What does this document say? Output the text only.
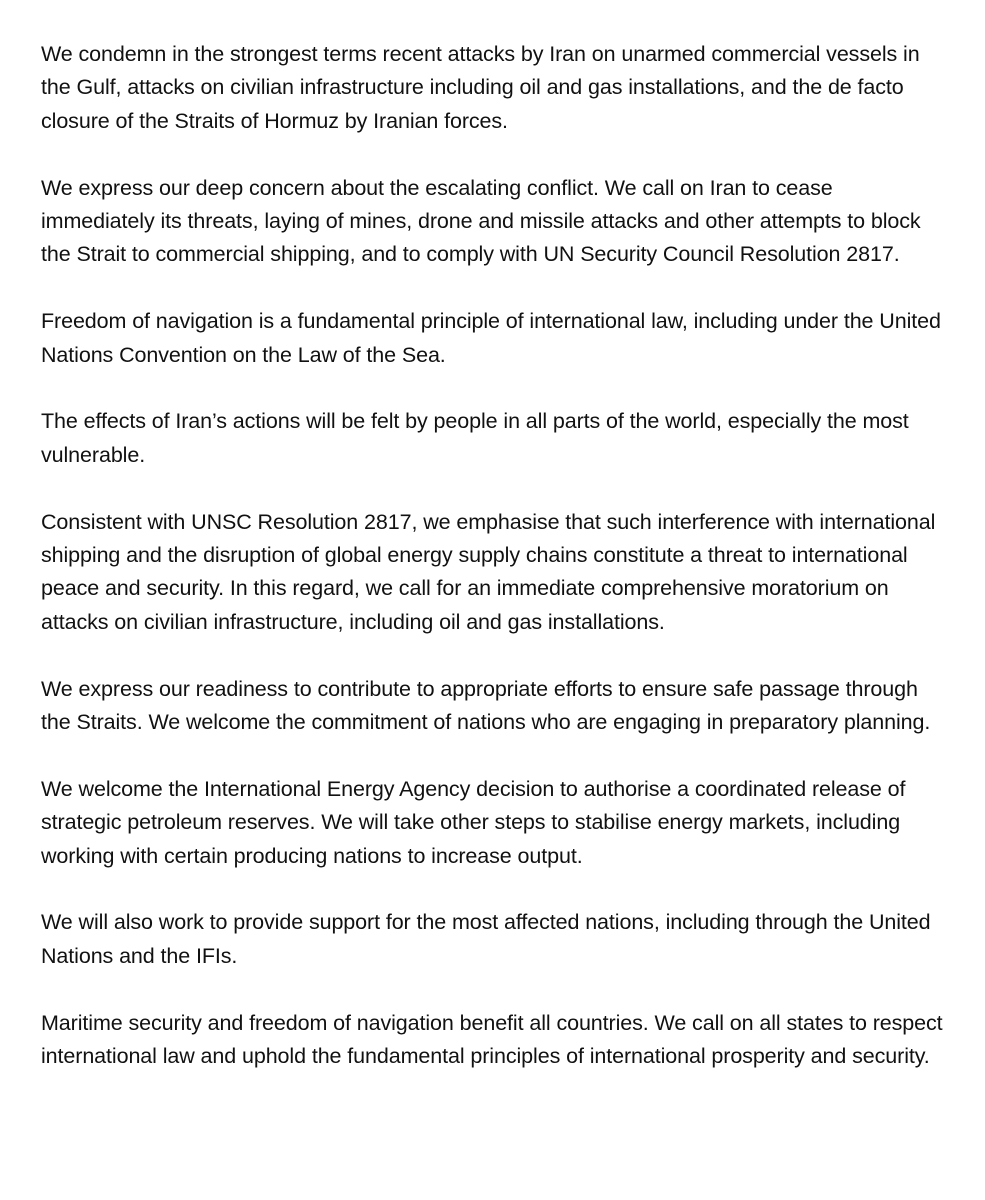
We condemn in the strongest terms recent attacks by Iran on unarmed commercial vessels in the Gulf, attacks on civilian infrastructure including oil and gas installations, and the de facto closure of the Straits of Hormuz by Iranian forces.

We express our deep concern about the escalating conflict. We call on Iran to cease immediately its threats, laying of mines, drone and missile attacks and other attempts to block the Strait to commercial shipping, and to comply with UN Security Council Resolution 2817.

Freedom of navigation is a fundamental principle of international law, including under the United Nations Convention on the Law of the Sea.

The effects of Iran’s actions will be felt by people in all parts of the world, especially the most vulnerable.

Consistent with UNSC Resolution 2817, we emphasise that such interference with international shipping and the disruption of global energy supply chains constitute a threat to international peace and security. In this regard, we call for an immediate comprehensive moratorium on attacks on civilian infrastructure, including oil and gas installations.

We express our readiness to contribute to appropriate efforts to ensure safe passage through the Straits. We welcome the commitment of nations who are engaging in preparatory planning.

We welcome the International Energy Agency decision to authorise a coordinated release of strategic petroleum reserves. We will take other steps to stabilise energy markets, including working with certain producing nations to increase output.

We will also work to provide support for the most affected nations, including through the United Nations and the IFIs.

Maritime security and freedom of navigation benefit all countries. We call on all states to respect international law and uphold the fundamental principles of international prosperity and security.
